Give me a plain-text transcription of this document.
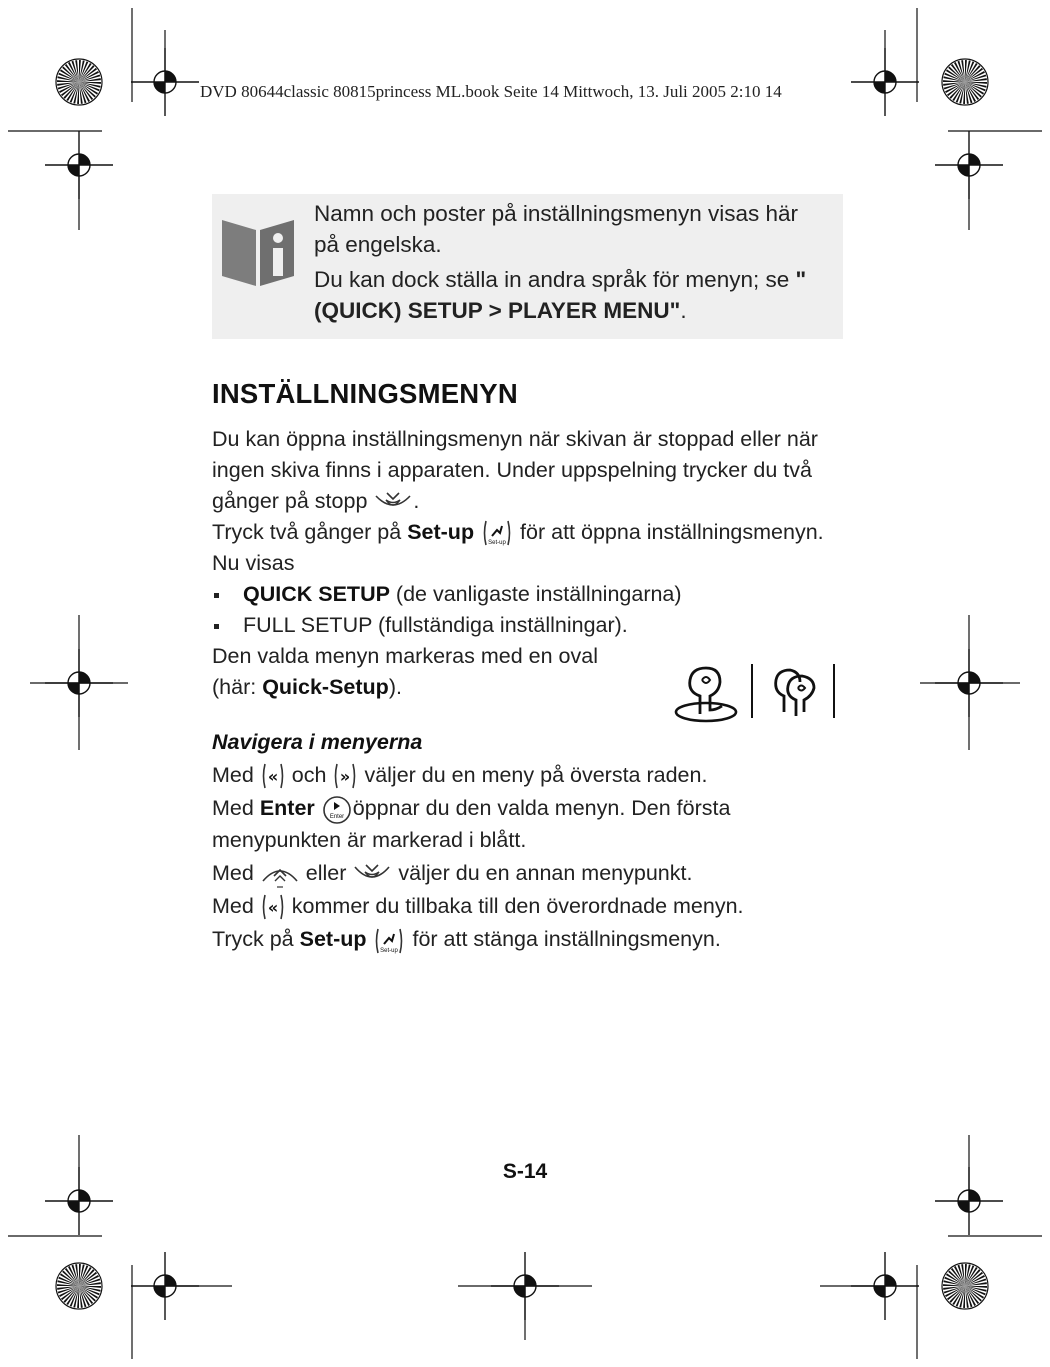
DVD 80644classic 80815princess ML.book Seite 14 Mittwoch, 13. Juli 2005 2:10 14

Namn och poster på inställningsmenyn visas här på engelska.

Du kan dock ställa in andra språk för menyn; se "(QUICK) SETUP > PLAYER MENU".

INSTÄLLNINGSMENYN

Du kan öppna inställningsmenyn när skivan är stoppad eller när ingen skiva finns i apparaten. Under uppspelning trycker du två gånger på stopp .

Tryck två gånger på Set-up Set-up för att öppna inställningsmenyn. Nu visas

QUICK SETUP (de vanligaste inställningarna)
FULL SETUP (fullständiga inställningar).

Den valda menyn markeras med en oval

(här: Quick-Setup).

Navigera i menyerna

Med « och » väljer du en meny på översta raden.

Med Enter Enter öppnar du den valda menyn. Den första menypunkten är markerad i blått.

Med eller väljer du en annan menypunkt.

Med « kommer du tillbaka till den överordnade menyn.

Tryck på Set-up Set-up för att stänga inställningsmenyn.

S-14
